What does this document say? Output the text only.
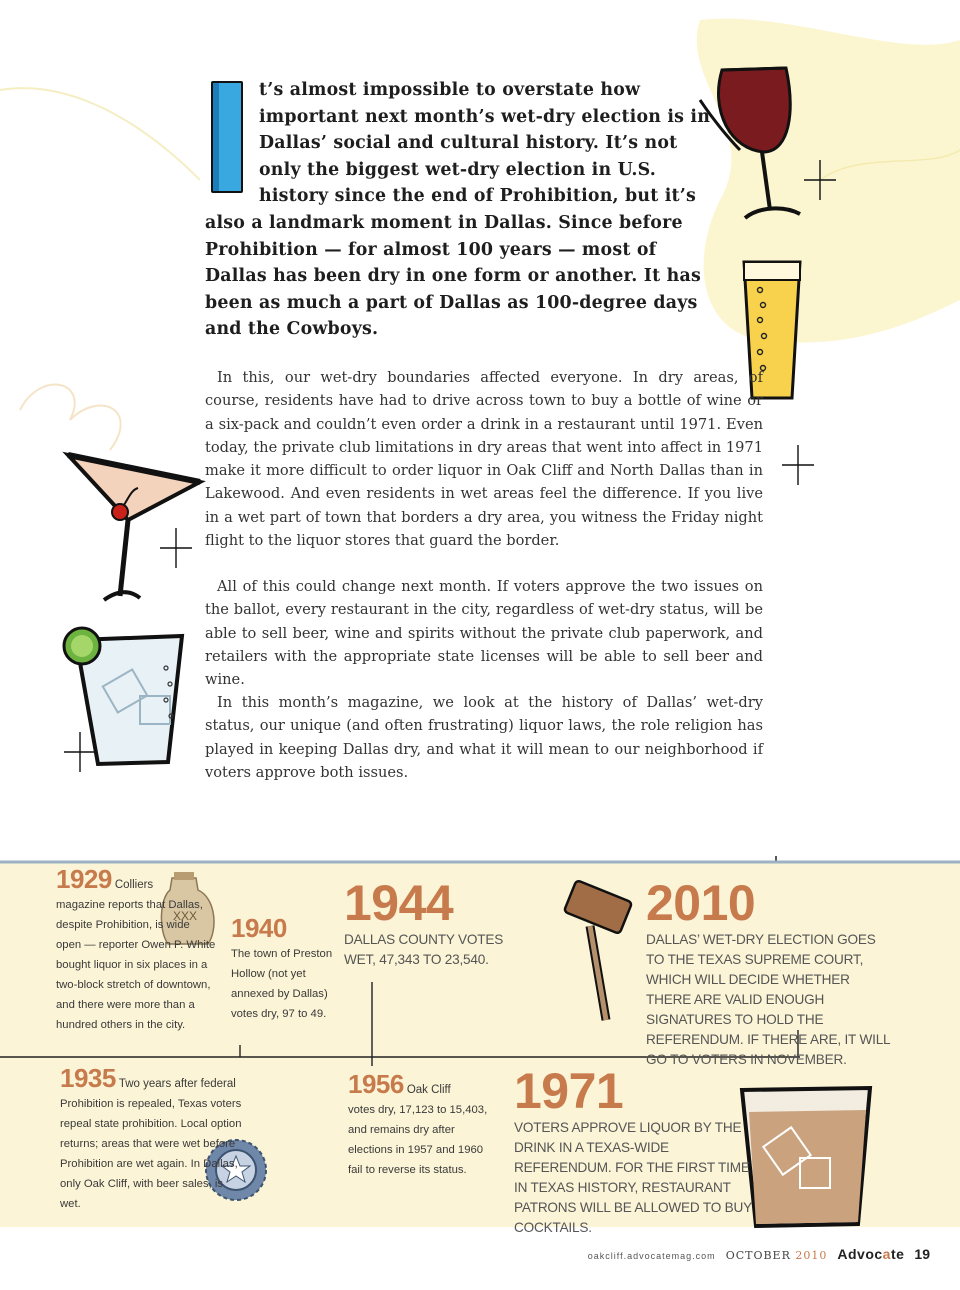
XXX
t’s almost impossible to overstate how important next month’s wet-dry election is in Dallas’ social and cultural history. It’s not only the biggest wet-dry election in U.S. history since the end of Prohibition, but it’s also a landmark moment in Dallas. Since before Prohibition — for almost 100 years — most of Dallas has been dry in one form or another. It has been as much a part of Dallas as 100-degree days and the Cowboys.

In this, our wet-dry boundaries affected everyone. In dry areas, of course, residents have had to drive across town to buy a bottle of wine or a six-pack and couldn’t even order a drink in a restaurant until 1971. Even today, the private club limitations in dry areas that went into affect in 1971 make it more difficult to order liquor in Oak Cliff and North Dallas than in Lakewood. And even residents in wet areas feel the difference. If you live in a wet part of town that borders a dry area, you witness the Friday night flight to the liquor stores that guard the border.

All of this could change next month. If voters approve the two issues on the ballot, every restaurant in the city, regardless of wet-dry status, will be able to sell beer, wine and spirits without the private club paperwork, and retailers with the appropriate state licenses will be able to sell beer and wine.

In this month’s magazine, we look at the history of Dallas’ wet-dry status, our unique (and often frustrating) liquor laws, the role religion has played in keeping Dallas dry, and what it will mean to our neighborhood if voters approve both issues.

1929 Colliers
magazine reports that Dallas, despite Prohibition, is wide open — reporter Owen P. White bought liquor in six places in a two-block stretch of downtown, and there were more than a hundred others in the city.
1940
The town of Preston Hollow (not yet annexed by Dallas) votes dry, 97 to 49.
1944
DALLAS COUNTY VOTES WET, 47,343 TO 23,540.
2010
DALLAS’ WET-DRY ELECTION GOES TO THE TEXAS SUPREME COURT, WHICH WILL DECIDE WHETHER THERE ARE VALID ENOUGH SIGNATURES TO HOLD THE REFERENDUM. IF THERE ARE, IT WILL GO TO VOTERS IN NOVEMBER.
1935 Two years after federal
Prohibition is repealed, Texas voters repeal state prohibition. Local option returns; areas that were wet before Prohibition are wet again. In Dallas, only Oak Cliff, with beer sales, is wet.
1956 Oak Cliff
votes dry, 17,123 to 15,403, and remains dry after elections in 1957 and 1960 fail to reverse its status.
1971
VOTERS APPROVE LIQUOR BY THE DRINK IN A TEXAS-WIDE REFERENDUM. FOR THE FIRST TIME IN TEXAS HISTORY, RESTAURANT PATRONS WILL BE ALLOWED TO BUY COCKTAILS.
oakcliff.advocatemag.com OCTOBER 2010 Advocate 19
